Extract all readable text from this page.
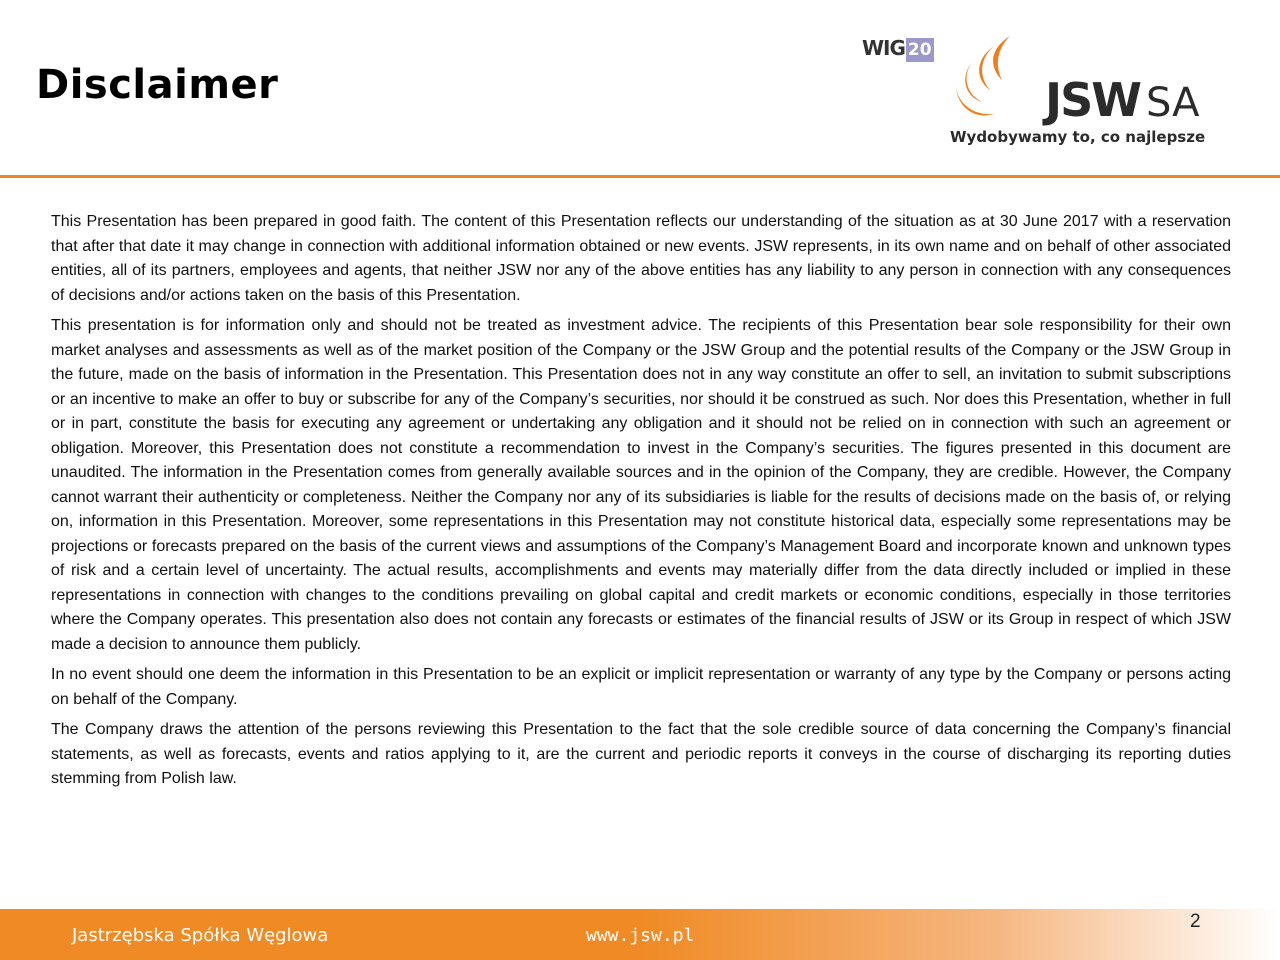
Disclaimer
WIG 20
JSW SA
Wydobywamy to, co najlepsze

This Presentation has been prepared in good faith. The content of this Presentation reflects our understanding of the situation as at 30 June 2017 with a reservation that after that date it may change in connection with additional information obtained or new events. JSW represents, in its own name and on behalf of other associated entities, all of its partners, employees and agents, that neither JSW nor any of the above entities has any liability to any person in connection with any consequences of decisions and/or actions taken on the basis of this Presentation.

This presentation is for information only and should not be treated as investment advice. The recipients of this Presentation bear sole responsibility for their own market analyses and assessments as well as of the market position of the Company or the JSW Group and the potential results of the Company or the JSW Group in the future, made on the basis of information in the Presentation. This Presentation does not in any way constitute an offer to sell, an invitation to submit subscriptions or an incentive to make an offer to buy or subscribe for any of the Company’s securities, nor should it be construed as such. Nor does this Presentation, whether in full or in part, constitute the basis for executing any agreement or undertaking any obligation and it should not be relied on in connection with such an agreement or obligation. Moreover, this Presentation does not constitute a recommendation to invest in the Company’s securities. The figures presented in this document are unaudited. The information in the Presentation comes from generally available sources and in the opinion of the Company, they are credible. However, the Company cannot warrant their authenticity or completeness. Neither the Company nor any of its subsidiaries is liable for the results of decisions made on the basis of, or relying on, information in this Presentation. Moreover, some representations in this Presentation may not constitute historical data, especially some representations may be projections or forecasts prepared on the basis of the current views and assumptions of the Company’s Management Board and incorporate known and unknown types of risk and a certain level of uncertainty. The actual results, accomplishments and events may materially differ from the data directly included or implied in these representations in connection with changes to the conditions prevailing on global capital and credit markets or economic conditions, especially in those territories where the Company operates. This presentation also does not contain any forecasts or estimates of the financial results of JSW or its Group in respect of which JSW made a decision to announce them publicly.

In no event should one deem the information in this Presentation to be an explicit or implicit representation or warranty of any type by the Company or persons acting on behalf of the Company.

The Company draws the attention of the persons reviewing this Presentation to the fact that the sole credible source of data concerning the Company’s financial statements, as well as forecasts, events and ratios applying to it, are the current and periodic reports it conveys in the course of discharging its reporting duties stemming from Polish law.

Jastrzębska Spółka Węglowa	www.jsw.pl
2
